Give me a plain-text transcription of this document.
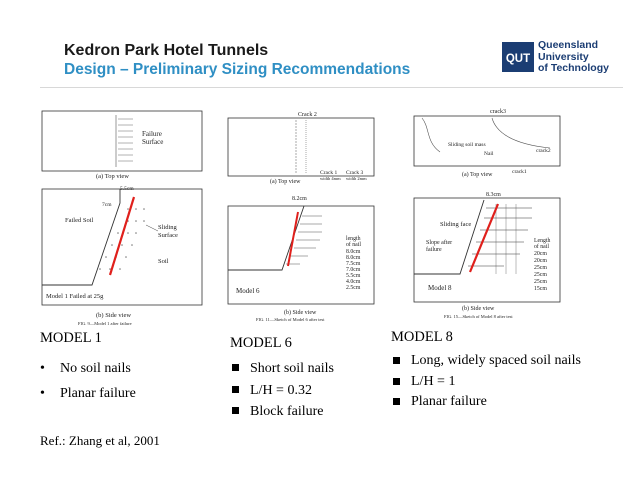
Kedron Park Hotel Tunnels
Design – Preliminary Sizing Recommendations
QUT
Queensland
University
of Technology
Failure
Surface
(a) Top view
5.5cm
7cm
Failed Soil
Sliding
Surface
Soil
Model 1 Failed at 25g
(b) Side view
FIG. 9—Model 1 after failure
Crack 2
Crack 1
width 4mm
Crack 3
width 2mm
(a) Top view
8.2cm
length
of nail
8.0cm
8.0cm
7.5cm
7.0cm
5.5cm
4.0cm
2.5cm
Model 6
(b) Side view
FIG. 11—Sketch of Model 6 after test
crack3
Sliding soil mass
Nail	crack2
crack1
(a) Top view
8.3cm
Sliding face
Slope after
failure
Length
of nail
20cm
20cm
25cm
25cm
25cm
15cm
Model 8
(b) Side view
FIG. 15—Sketch of Model 8 after test
MODEL 1
• No soil nails
• Planar failure
MODEL 6
Short soil nails
L/H = 0.32
Block failure
MODEL 8
Long, widely spaced soil nails
L/H = 1
Planar failure
Ref.: Zhang et al, 2001
